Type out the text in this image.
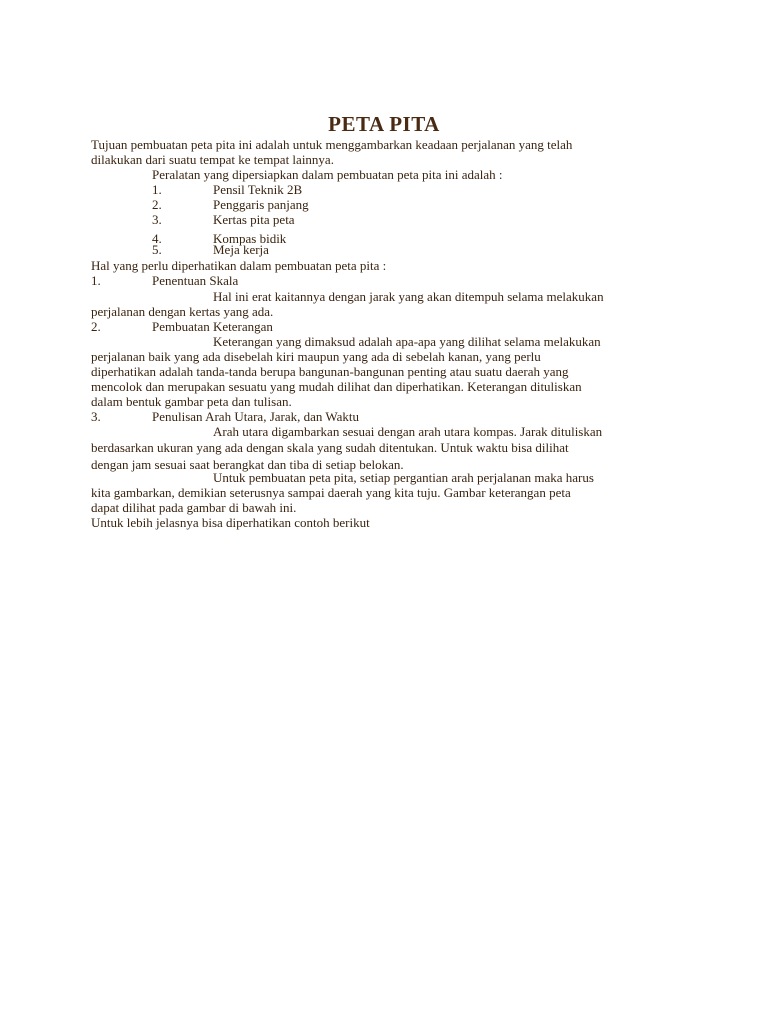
PETA PITA
Tujuan pembuatan peta pita ini adalah untuk menggambarkan keadaan perjalanan yang telah
dilakukan dari suatu tempat ke tempat lainnya.
Peralatan yang dipersiapkan dalam pembuatan peta pita ini adalah :
1.	Pensil Teknik 2B
2.	Penggaris panjang
3.	Kertas pita peta
4.	Kompas bidik
5.	Meja kerja
Hal yang perlu diperhatikan dalam pembuatan peta pita :
1.	Penentuan Skala
Hal ini erat kaitannya dengan jarak yang akan ditempuh selama melakukan
perjalanan dengan kertas yang ada.
2.	Pembuatan Keterangan
Keterangan yang dimaksud adalah apa-apa yang dilihat selama melakukan
perjalanan baik yang ada disebelah kiri maupun yang ada di sebelah kanan, yang perlu
diperhatikan adalah tanda-tanda berupa bangunan-bangunan penting atau suatu daerah yang
mencolok dan merupakan sesuatu yang mudah dilihat dan diperhatikan. Keterangan dituliskan
dalam bentuk gambar peta dan tulisan.
3.	Penulisan Arah Utara, Jarak, dan Waktu
Arah utara digambarkan sesuai dengan arah utara kompas. Jarak dituliskan
berdasarkan ukuran yang ada dengan skala yang sudah ditentukan. Untuk waktu bisa dilihat
dengan jam sesuai saat berangkat dan tiba di setiap belokan.
Untuk pembuatan peta pita, setiap pergantian arah perjalanan maka harus
kita gambarkan, demikian seterusnya sampai daerah yang kita tuju. Gambar keterangan peta
dapat dilihat pada gambar di bawah ini.
Untuk lebih jelasnya bisa diperhatikan contoh berikut
